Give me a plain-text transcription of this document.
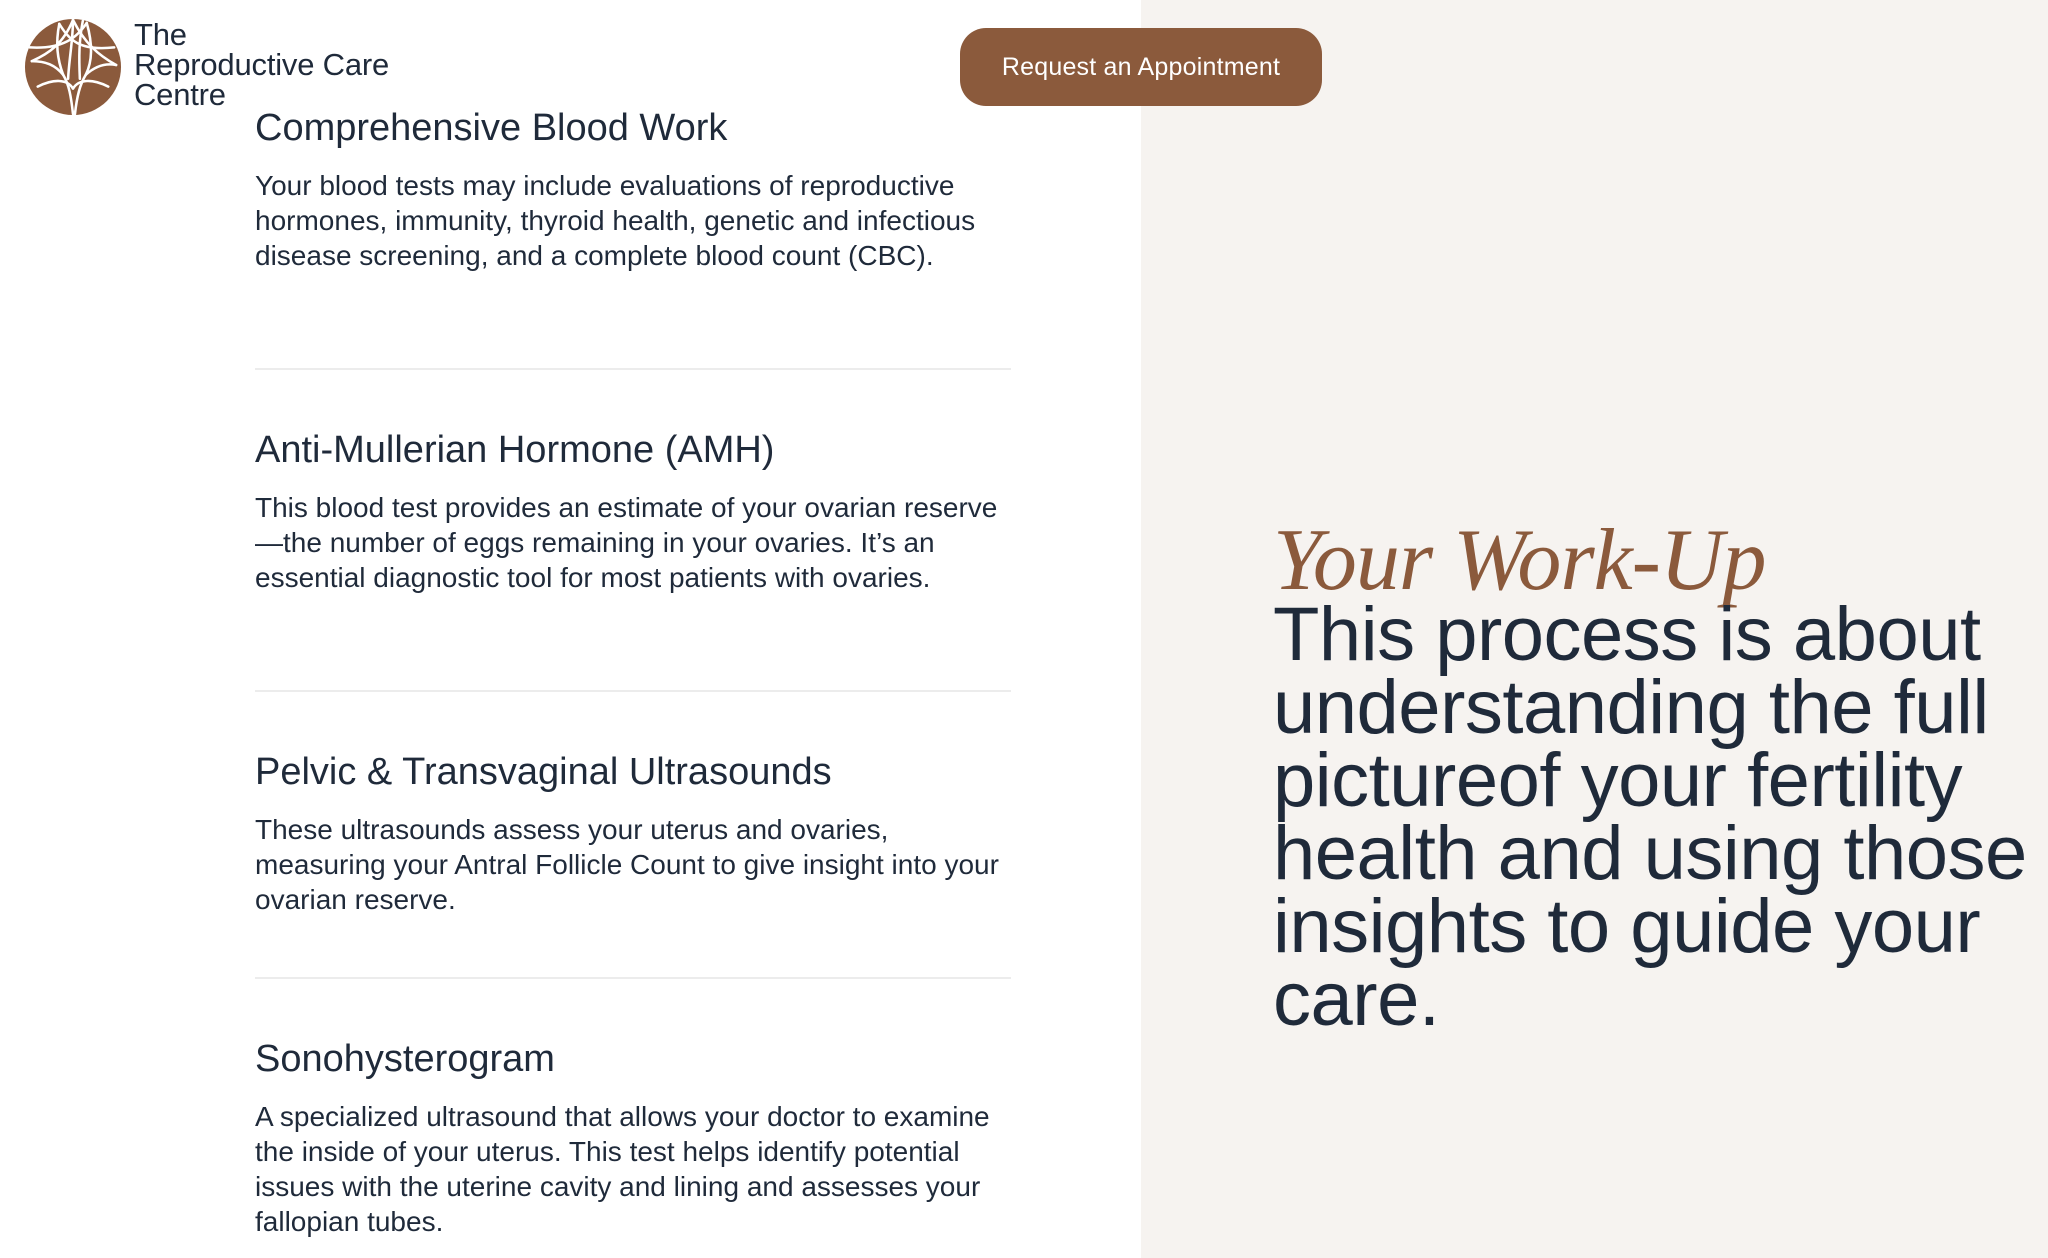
The
Reproductive Care
Centre
Request an Appointment
Comprehensive Blood Work

Your blood tests may include evaluations of reproductive hormones, immunity, thyroid health, genetic and infectious disease screening, and a complete blood count (CBC).

Anti-Mullerian Hormone (AMH)

This blood test provides an estimate of your ovarian reserve—the number of eggs remaining in your ovaries. It’s an essential diagnostic tool for most patients with ovaries.

Pelvic & Transvaginal Ultrasounds

These ultrasounds assess your uterus and ovaries, measuring your Antral Follicle Count to give insight into your ovarian reserve.

Sonohysterogram

A specialized ultrasound that allows your doctor to examine the inside of your uterus. This test helps identify potential issues with the uterine cavity and lining and assesses your fallopian tubes.

Your Work-Up
This process is about understanding the full pictureof your fertility health and using those insights to guide your care.
